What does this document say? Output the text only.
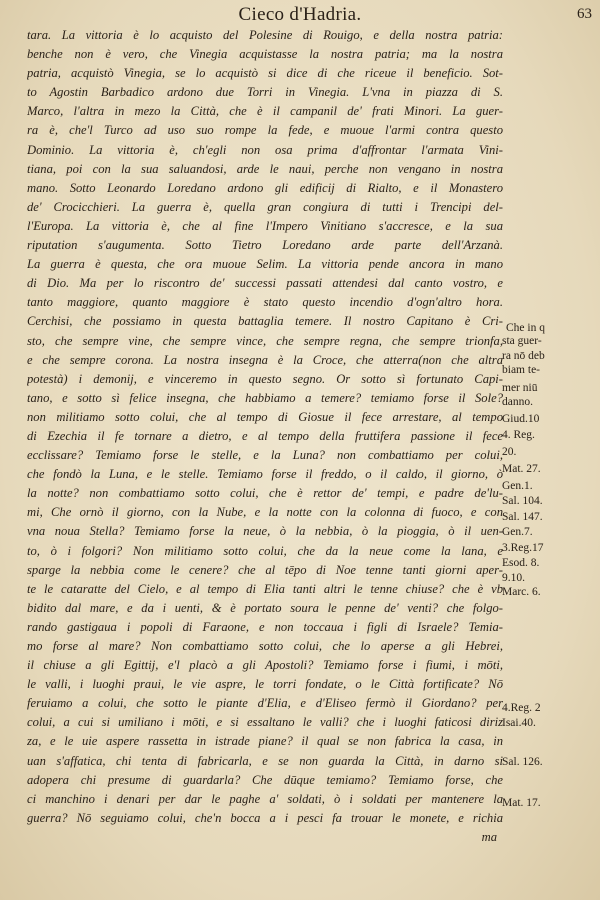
Cieco d'Hadria.	63
tara. La vittoria è lo acquisto del Polesine di Rouigo, e della nostra patria:
benche non è vero, che Vinegia acquistasse la nostra patria; ma la nostra
patria, acquistò Vinegia, se lo acquistò si dice di che riceue il beneficio. Sot-
to Agostin Barbadico ardono due Torri in Vinegia. L'vna in piazza di S.
Marco, l'altra in mezo la Città, che è il campanil de' frati Minori. La guer-
ra è, che'l Turco ad uso suo rompe la fede, e muoue l'armi contra questo
Dominio. La vittoria è, ch'egli non osa prima d'affrontar l'armata Vini-
tiana, poi con la sua saluandosi, arde le naui, perche non vengano in nostra
mano. Sotto Leonardo Loredano ardono gli edificij di Rialto, e il Monastero
de' Crocicchieri. La guerra è, quella gran congiura di tutti i Trencipi del-
l'Europa. La vittoria è, che al fine l'Impero Vinitiano s'accresce, e la sua
riputation s'augumenta. Sotto Tietro Loredano arde parte dell'Arzanà.
La guerra è questa, che ora muoue Selim. La vittoria pende ancora in mano
di Dio. Ma per lo riscontro de' successi passati attendesi dal canto vostro, e
tanto maggiore, quanto maggiore è stato questo incendio d'ogn'altro hora.
Cerchisi, che possiamo in questa battaglia temere. Il nostro Capitano è Cri-
sto, che sempre vine, che sempre vince, che sempre regna, che sempre trionfa,
e che sempre corona. La nostra insegna è la Croce, che atterra(non che altra
potestà) i demonij, e vinceremo in questo segno. Or sotto sì fortunato Capi-
tano, e sotto sì felice insegna, che habbiamo a temere? temiamo forse il Sole?
non militiamo sotto colui, che al tempo di Giosue il fece arrestare, al tempo
di Ezechia il fe tornare a dietro, e al tempo della fruttifera passione il fece
ecclissare? Temiamo forse le stelle, e la Luna? non combattiamo per colui,
che fondò la Luna, e le stelle. Temiamo forse il freddo, o il caldo, il giorno, ò
la notte? non combattiamo sotto colui, che è rettor de' tempi, e padre de'lu-
mi, Che ornò il giorno, con la Nube, e la notte con la colonna di fuoco, e con
vna noua Stella? Temiamo forse la neue, ò la nebbia, ò la pioggia, ò il uen-
to, ò i folgori? Non militiamo sotto colui, che da la neue come la lana, e
sparge la nebbia come le cenere? che al tēpo di Noe tenne tanti giorni aper-
te le cataratte del Cielo, e al tempo di Elia tanti altri le tenne chiuse? che è vb
bidito dal mare, e da i uenti, & è portato soura le penne de' venti? che folgo-
rando gastigaua i popoli di Faraone, e non toccaua i figli di Israele? Temia-
mo forse al mare? Non combattiamo sotto colui, che lo aperse a gli Hebrei,
il chiuse a gli Egittij, e'l placò a gli Apostoli? Temiamo forse i fiumi, i mōti,
le valli, i luoghi praui, le vie aspre, le torri fondate, o le Città fortificate? Nō
feruiamo a colui, che sotto le piante d'Elia, e d'Eliseo fermò il Giordano? per
colui, a cui si umiliano i mōti, e si essaltano le valli? che i luoghi faticosi diriz
za, e le uie aspere rassetta in istrade piane? il qual se non fabrica la casa, in
uan s'affatica, chi tenta di fabricarla, e se non guarda la Città, in darno si
adopera chi presume di guardarla? Che dūque temiamo? Temiamo forse, che
ci manchino i denari per dar le paghe a' soldati, ò i soldati per mantenere la
guerra? Nō seguiamo colui, che'n bocca a i pesci fa trouar le monete, e richia
ma
Che in q
sta guer-
ra nō deb
biam te-
mer niū
danno.
Giud.10
4. Reg.
20.
Mat. 27.
Gen.1.
Sal. 104.
Sal. 147.
Gen.7.
3.Reg.17
Esod. 8.
9.10.
Marc. 6.
4.Reg. 2
Isai.40.
Sal. 126.
Mat. 17.
